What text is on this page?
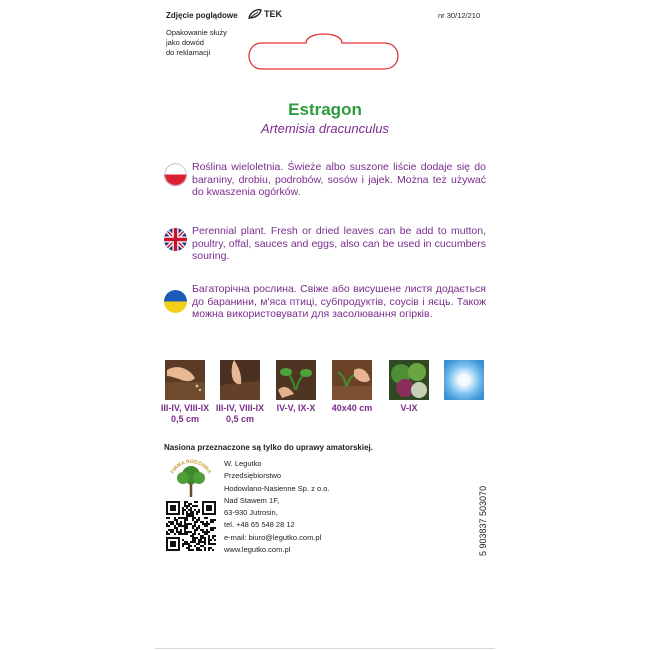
Zdjęcie poglądowe	TEK	nr 30/12/210
Opakowanie służy
jako dowód
do reklamacji
Estragon
Artemisia dracunculus
Roślina wieloletnia. Świeże albo suszone liście dodaje się do baraniny, drobiu, podrobów, sosów i jajek. Można też używać do kwaszenia ogórków.
Perennial plant. Fresh or dried leaves can be add to mutton, poultry, offal, sauces and eggs, also can be used in cucumbers souring.
Багаторічна рослина. Свіже або висушене листя додається до баранини, м'яса птиці, субпродуктів, соусів і яєць. Також можна використовувати для засолювання огірків.
III-IV, VIII-IX
0,5 cm
III-IV, VIII-IX
0,5 cm
IV-V, IX-X	40x40 cm	V-IX
Nasiona przeznaczone są tylko do uprawy amatorskiej.
FIRMA RODZINNA
W. Legutko
Przedsiębiorstwo
Hodowlano-Nasienne Sp. z o.o.
Nad Stawem 1F,
63-930 Jutrosin,
tel. +48 65 548 28 12
e-mail: biuro@legutko.com.pl
www.legutko.com.pl	5 903837 503070
